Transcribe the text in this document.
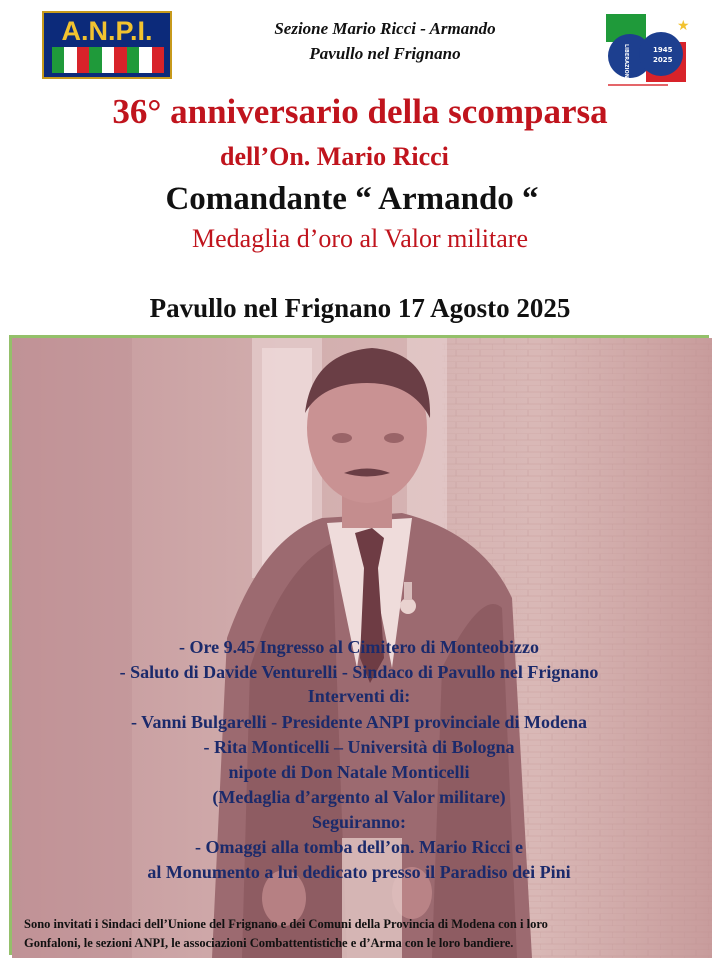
A.N.P.I.	Sezione Mario Ricci - Armando
Pavullo nel Frignano
★
LIBERAZIONE	1945
2025
36° anniversario della scomparsa
dell’On. Mario Ricci
Comandante “ Armando “
Medaglia d’oro al Valor militare
Pavullo nel Frignano 17 Agosto 2025
- Ore 9.45 Ingresso al Cimitero di Monteobizzo
- Saluto di Davide Venturelli - Sindaco di Pavullo nel Frignano
Interventi di:
- Vanni Bulgarelli - Presidente ANPI provinciale di Modena
- Rita Monticelli – Università di Bologna
nipote di Don Natale Monticelli
(Medaglia d’argento al Valor militare)
Seguiranno:
- Omaggi alla tomba dell’on. Mario Ricci e
al Monumento a lui dedicato presso il Paradiso dei Pini
Sono invitati i Sindaci dell’Unione del Frignano e dei Comuni della Provincia di Modena con i loro
Gonfaloni, le sezioni ANPI, le associazioni Combattentistiche e d’Arma con le loro bandiere.
